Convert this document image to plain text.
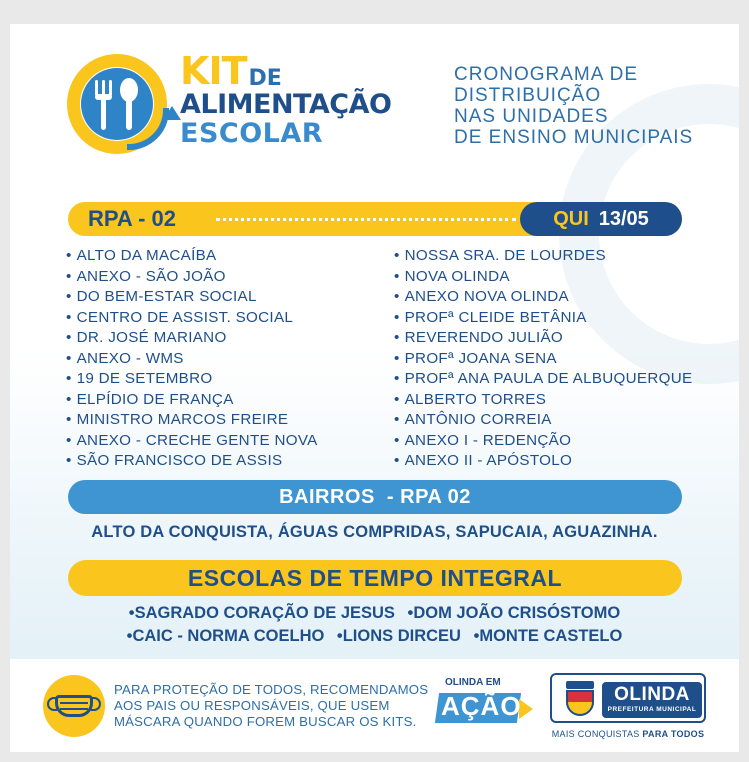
KITDE
ALIMENTAÇÃO
ESCOLAR
CRONOGRAMA DE
DISTRIBUIÇÃO
NAS UNIDADES
DE ENSINO MUNICIPAIS
RPA - 02	QUI 13/05
• ALTO DA MACAÍBA
• ANEXO - SÃO JOÃO
• DO BEM-ESTAR SOCIAL
• CENTRO DE ASSIST. SOCIAL
• DR. JOSÉ MARIANO
• ANEXO - WMS
• 19 DE SETEMBRO
• ELPÍDIO DE FRANÇA
• MINISTRO MARCOS FREIRE
• ANEXO - CRECHE GENTE NOVA
• SÃO FRANCISCO DE ASSIS
• NOSSA SRA. DE LOURDES
• NOVA OLINDA
• ANEXO NOVA OLINDA
• PROFª CLEIDE BETÂNIA
• REVERENDO JULIÃO
• PROFª JOANA SENA
• PROFª ANA PAULA DE ALBUQUERQUE
• ALBERTO TORRES
• ANTÔNIO CORREIA
• ANEXO I - REDENÇÃO
• ANEXO II - APÓSTOLO
BAIRROS  - RPA 02
ALTO DA CONQUISTA, ÁGUAS COMPRIDAS, SAPUCAIA, AGUAZINHA.
ESCOLAS DE TEMPO INTEGRAL
• SAGRADO CORAÇÃO DE JESUS • DOM JOÃO CRISÓSTOMO
• CAIC - NORMA COELHO • LIONS DIRCEU • MONTE CASTELO
PARA PROTEÇÃO DE TODOS, RECOMENDAMOS
AOS PAIS OU RESPONSÁVEIS, QUE USEM
MÁSCARA QUANDO FOREM BUSCAR OS KITS.
OLINDA EM
AÇÃO	OLINDA
PREFEITURA MUNICIPAL
MAIS CONQUISTAS PARA TODOS
